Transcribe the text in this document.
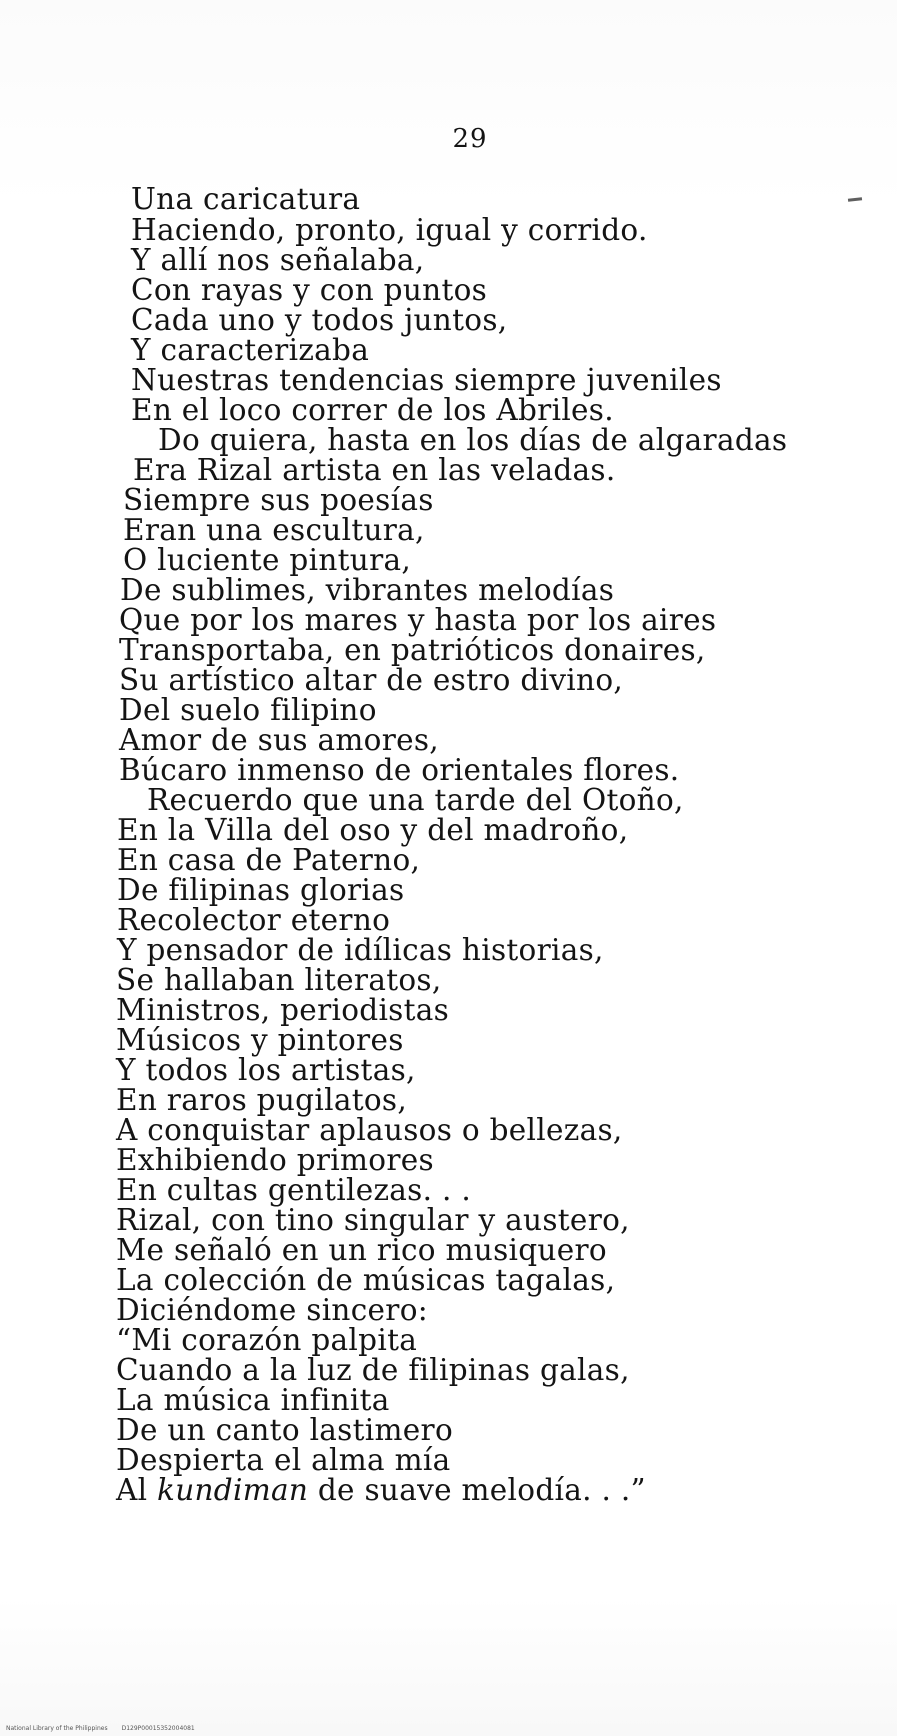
29
Una caricatura
Haciendo, pronto, igual y corrido.
Y allí nos señalaba,
Con rayas y con puntos
Cada uno y todos juntos,
Y caracterizaba
Nuestras tendencias siempre juveniles
En el loco correr de los Abriles.
Do quiera, hasta en los días de algaradas
Era Rizal artista en las veladas.
Siempre sus poesías
Eran una escultura,
O luciente pintura,
De sublimes, vibrantes melodías
Que por los mares y hasta por los aires
Transportaba, en patrióticos donaires,
Su artístico altar de estro divino,
Del suelo filipino
Amor de sus amores,
Búcaro inmenso de orientales flores.
Recuerdo que una tarde del Otoño,
En la Villa del oso y del madroño,
En casa de Paterno,
De filipinas glorias
Recolector eterno
Y pensador de idílicas historias,
Se hallaban literatos,
Ministros, periodistas
Músicos y pintores
Y todos los artistas,
En raros pugilatos,
A conquistar aplausos o bellezas,
Exhibiendo primores
En cultas gentilezas. . .
Rizal, con tino singular y austero,
Me señaló en un rico musiquero
La colección de músicas tagalas,
Diciéndome sincero:
“Mi corazón palpita
Cuando a la luz de filipinas galas,
La música infinita
De un canto lastimero
Despierta el alma mía
Al kundiman de suave melodía. . .”
National Library of the Philippines D129P00015352004081
